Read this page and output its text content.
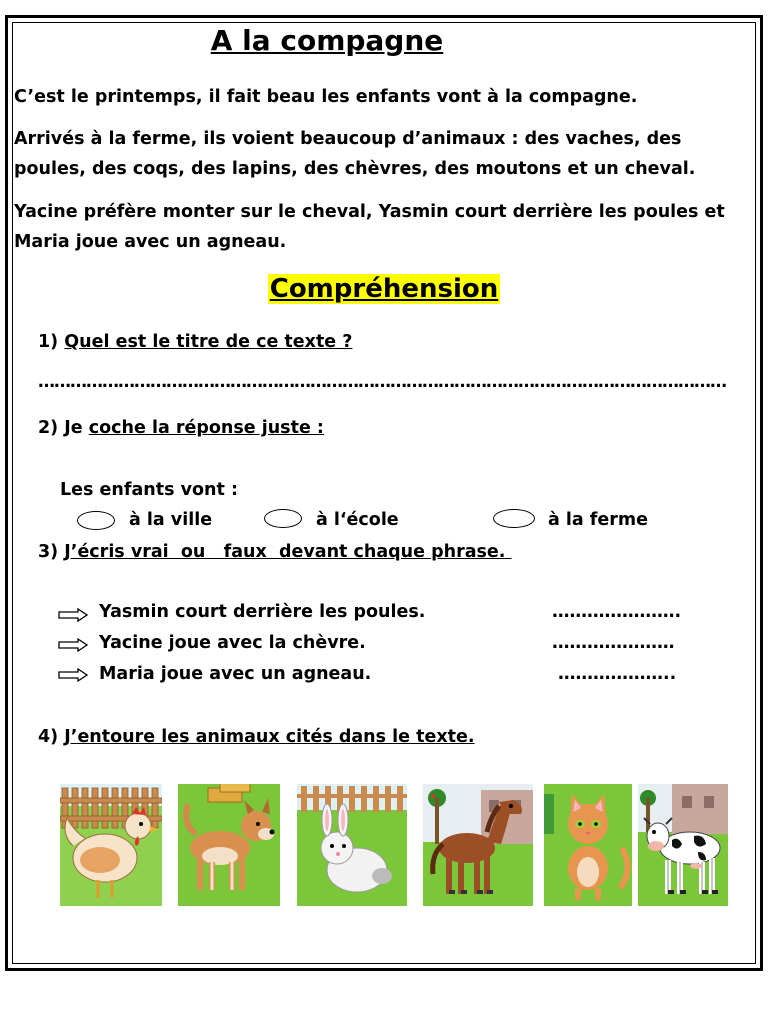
A la compagne
C’est le printemps, il fait beau les enfants vont à la compagne.
Arrivés à la ferme, ils voient beaucoup d’animaux : des vaches, des poules, des coqs, des lapins, des chèvres, des moutons et un cheval.
Yacine préfère monter sur le cheval, Yasmin court derrière les poules et Maria joue avec un agneau.
Compréhension
1) Quel est le titre de ce texte ?
…………………………………………………………………………………………………………………
2) Je coche la réponse juste :
Les enfants vont :
à la ville	à l‘école	à la ferme
3) J’écris vrai  ou   faux  devant chaque phrase.
Yasmin court derrière les poules.	………………….
Yacine joue avec la chèvre.	…………………
Maria joue avec un agneau.	………………..
4) J’entoure les animaux cités dans le texte.
